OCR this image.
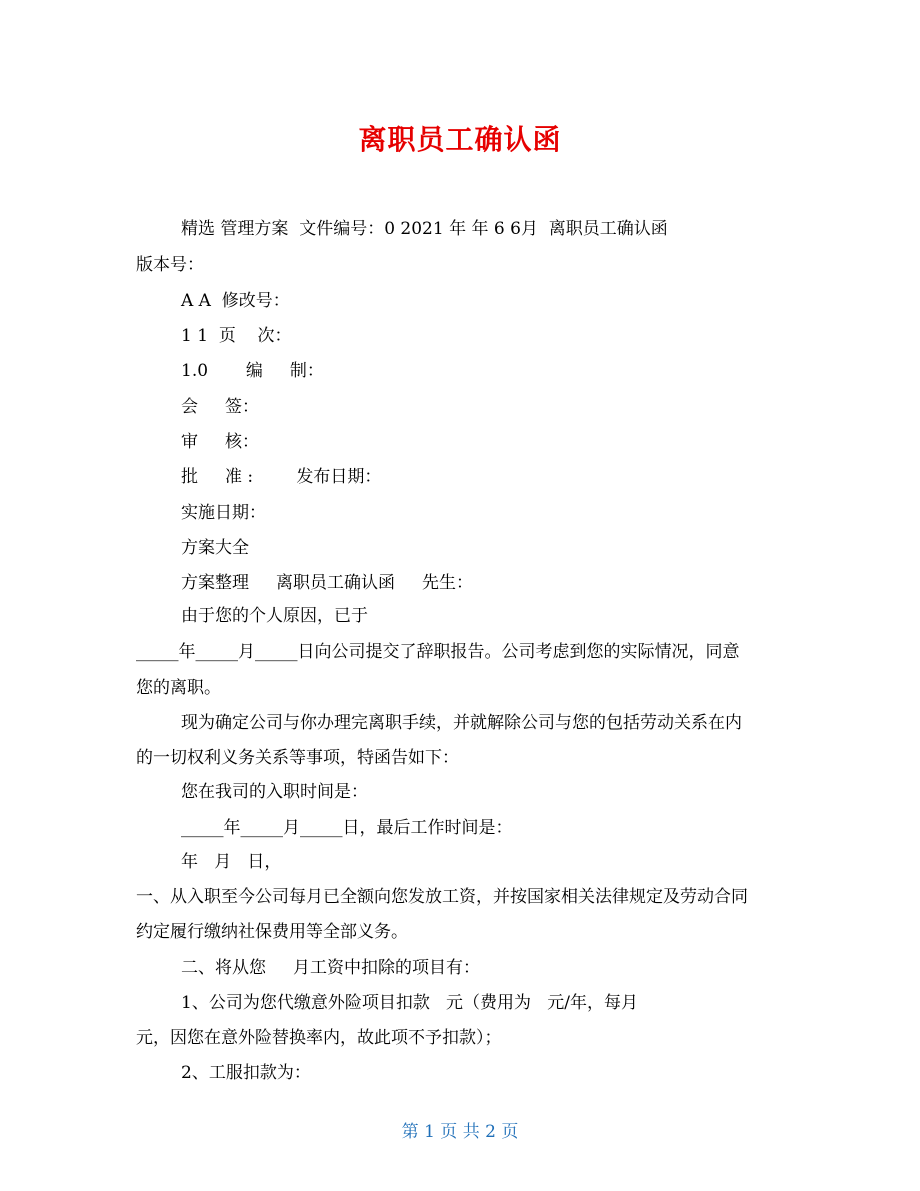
离职员工确认函
精选 管理方案  文件编号：0 2021 年 年 6 6月  离职员工确认函
版本号：
A A  修改号：
1 1  页    次：
1.0       编     制：
会     签：
审     核：
批     准 :        发布日期：
实施日期：
方案大全
方案整理     离职员工确认函     先生：
由于您的个人原因，已于
_____年_____月_____日向公司提交了辞职报告。公司考虑到您的实际情况，同意
您的离职。
现为确定公司与你办理完离职手续，并就解除公司与您的包括劳动关系在内
的一切权利义务关系等事项，特函告如下：
您在我司的入职时间是：
_____年_____月_____日，最后工作时间是：
年   月   日，
一、从入职至今公司每月已全额向您发放工资，并按国家相关法律规定及劳动合同
约定履行缴纳社保费用等全部义务。
二、将从您     月工资中扣除的项目有：
1、公司为您代缴意外险项目扣款   元（费用为   元/年，每月
元，因您在意外险替换率内，故此项不予扣款）；
2、工服扣款为：
第 1 页 共 2 页
